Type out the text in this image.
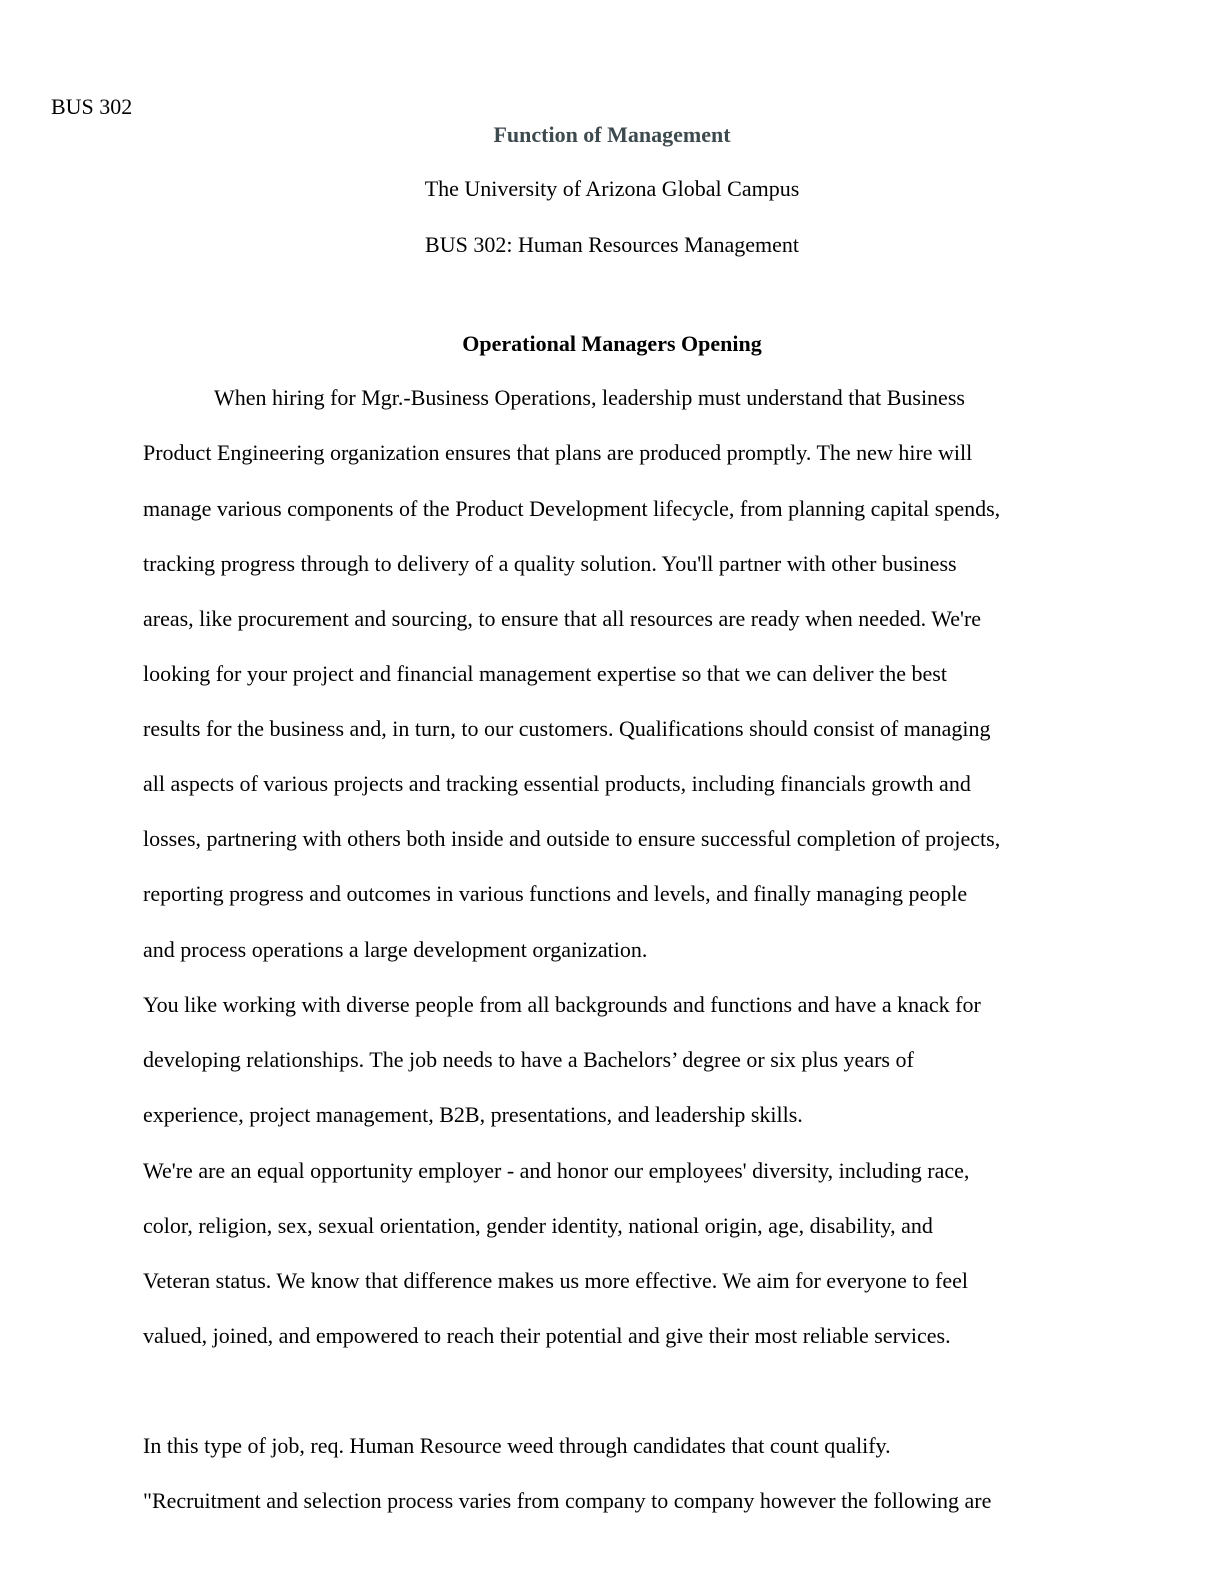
BUS 302
Function of Management
The University of Arizona Global Campus
BUS 302: Human Resources Management
Operational Managers Opening
When hiring for Mgr.-Business Operations, leadership must understand that Business
Product Engineering organization ensures that plans are produced promptly. The new hire will
manage various components of the Product Development lifecycle, from planning capital spends,
tracking progress through to delivery of a quality solution. You'll partner with other business
areas, like procurement and sourcing, to ensure that all resources are ready when needed. We're
looking for your project and financial management expertise so that we can deliver the best
results for the business and, in turn, to our customers. Qualifications should consist of managing
all aspects of various projects and tracking essential products, including financials growth and
losses, partnering with others both inside and outside to ensure successful completion of projects,
reporting progress and outcomes in various functions and levels, and finally managing people
and process operations a large development organization.
You like working with diverse people from all backgrounds and functions and have a knack for
developing relationships. The job needs to have a Bachelors’ degree or six plus years of
experience, project management, B2B, presentations, and leadership skills.
We're are an equal opportunity employer - and honor our employees' diversity, including race,
color, religion, sex, sexual orientation, gender identity, national origin, age, disability, and
Veteran status. We know that difference makes us more effective. We aim for everyone to feel
valued, joined, and empowered to reach their potential and give their most reliable services.
In this type of job, req. Human Resource weed through candidates that count qualify.
"Recruitment and selection process varies from company to company however the following are
